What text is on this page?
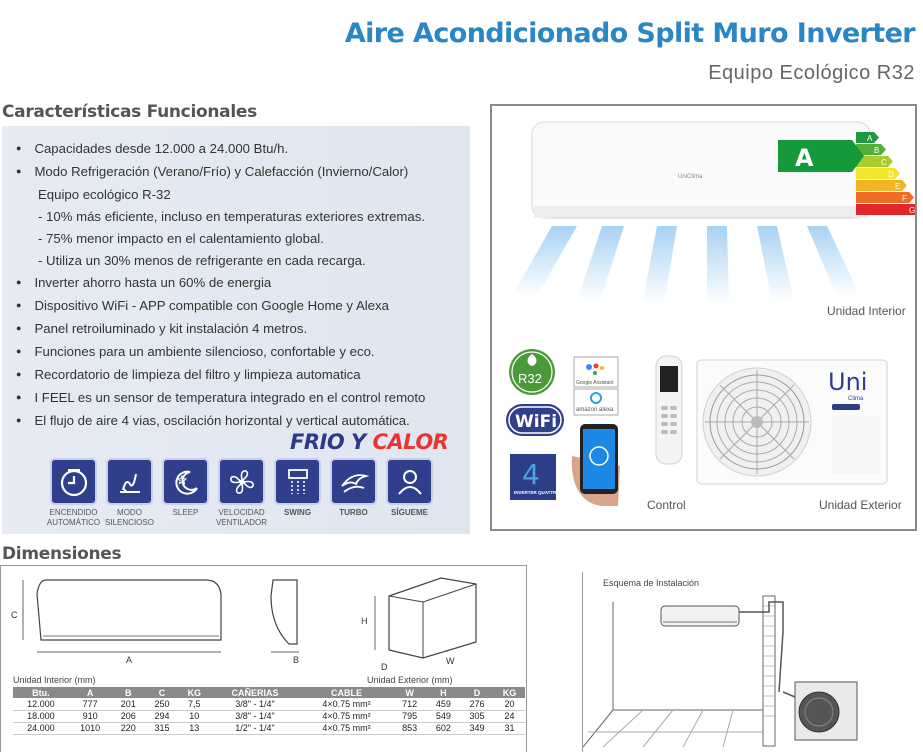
Aire Acondicionado Split Muro Inverter
Equipo Ecológico R32
Características Funcionales
● Capacidades desde 12.000 a 24.000 Btu/h.
● Modo Refrigeración (Verano/Frío) y Calefacción (Invierno/Calor)
Equipo ecológico R-32
- 10% más eficiente, incluso en temperaturas exteriores extremas.
- 75% menor impacto en el calentamiento global.
- Utiliza un 30% menos de refrigerante en cada recarga.
● Inverter ahorro hasta un 60% de energia
● Dispositivo WiFi - APP compatible con Google Home y Alexa
● Panel retroiluminado y kit instalación 4 metros.
● Funciones para un ambiente silencioso, confortable y eco.
● Recordatorio de limpieza del filtro y limpieza automatica
● I FEEL es un sensor de temperatura integrado en el control remoto
● El flujo de aire 4 vias, oscilación horizontal y vertical automática.
FRIO Y CALOR
ENCENDIDO
AUTOMÁTICO
MODO
SILENCIOSO
SLEEP	VELOCIDAD
VENTILADOR
SWING	TURBO	SÍGUEME
UniClima
A
B
C
D
E
F
G
A
R32	Google Assistant
amazon alexa
WiFi
4
INVERTER QUATTRO
Uni
Clima
Unidad Interior
Control	Unidad Exterior
Dimensiones
C
A	B
H
D
W
Unidad Interior (mm)	Unidad Exterior (mm)
Btu.	A	B	C	KG	CAÑERIAS	CABLE	W	H	D	KG
12.000	777	201	250	7,5	3/8" - 1/4"	4×0.75 mm²	712	459	276	20
18.000	910	206	294	10	3/8" - 1/4"	4×0.75 mm²	795	549	305	24
24.000	1010	220	315	13	1/2" - 1/4"	4×0.75 mm²	853	602	349	31
Esquema de Instalación
